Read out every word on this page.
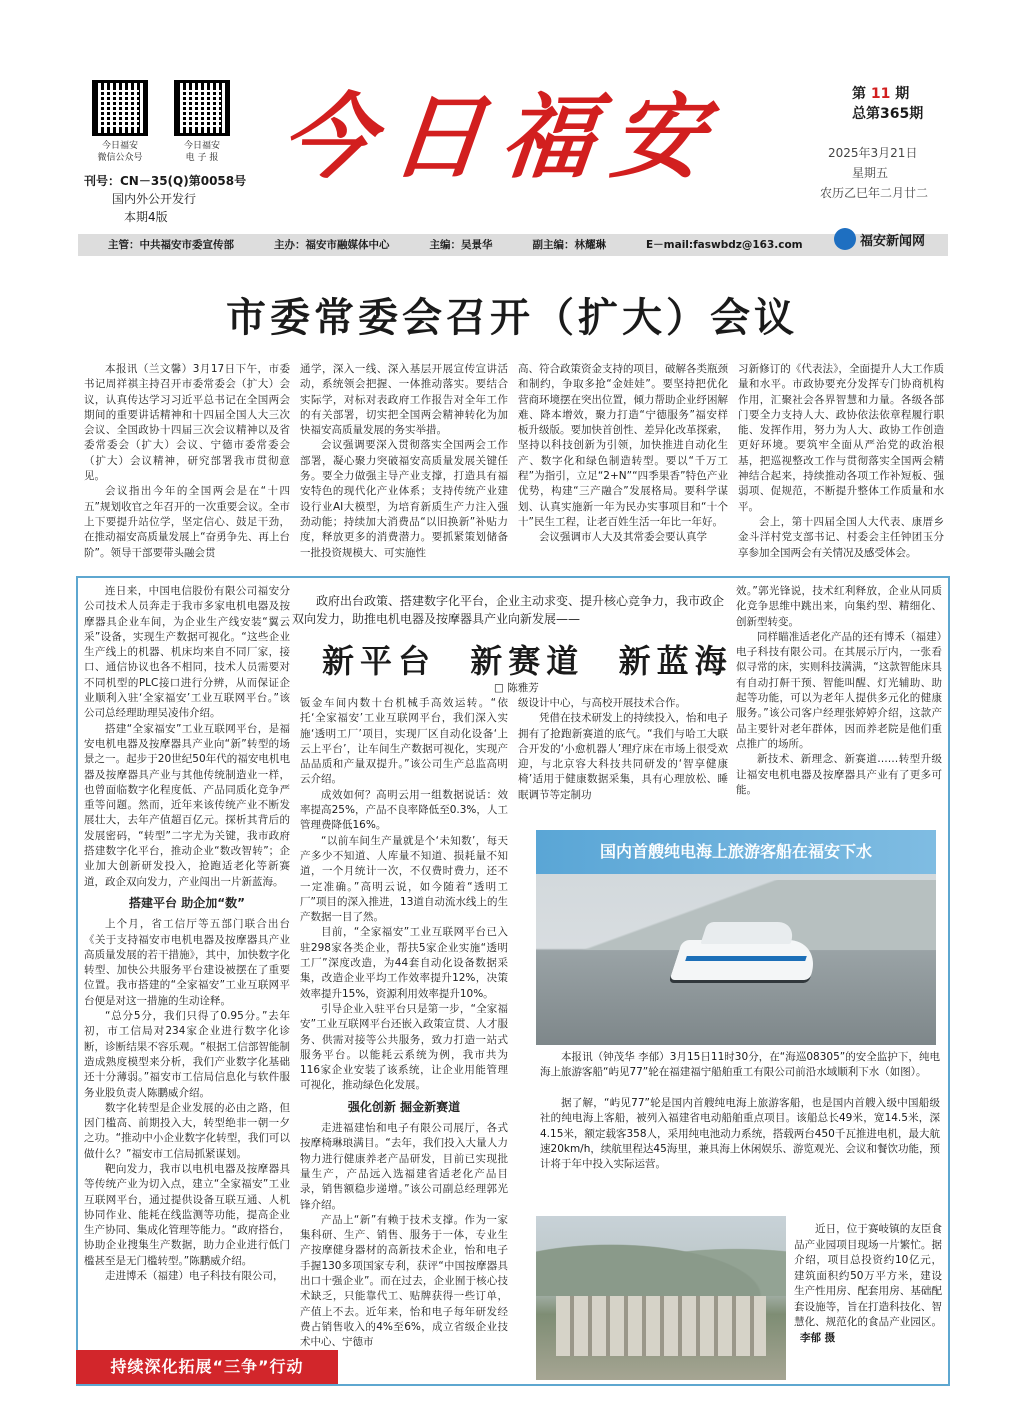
今日福安
微信公众号
今日福安
电 子 报
刊号：CN－35(Q)第0058号
国内外公开发行
本期4版
今日福安	第 11 期
总第365期
2025年3月21日
星期五
农历乙巳年二月廿二
主管：中共福安市委宣传部	主办：福安市融媒体中心	主编：吴景华	副主编：林耀琳	E－mail:faswbdz@163.com	福安新闻网
市委常委会召开（扩大）会议

本报讯（兰文馨）3月17日下午，市委书记周祥祺主持召开市委常委会（扩大）会议，认真传达学习习近平总书记在全国两会期间的重要讲话精神和十四届全国人大三次会议、全国政协十四届三次会议精神以及省委常委会（扩大）会议、宁德市委常委会（扩大）会议精神，研究部署我市贯彻意见。

会议指出今年的全国两会是在“十四五”规划收官之年召开的一次重要会议。全市上下要提升站位学，坚定信心、鼓足干劲，在推动福安高质量发展上“奋勇争先、再上台阶”。领导干部要带头融会贯

通学，深入一线、深入基层开展宣传宣讲活动，系统领会把握、一体推动落实。要结合实际学，对标对表政府工作报告对全年工作的有关部署，切实把全国两会精神转化为加快福安高质量发展的务实举措。

会议强调要深入贯彻落实全国两会工作部署，凝心聚力突破福安高质量发展关键任务。要全力做强主导产业支撑，打造具有福安特色的现代化产业体系；支持传统产业建设行业AI大模型，为培育新质生产力注入强劲动能；持续加大消费品“以旧换新”补贴力度，释放更多的消费潜力。要抓紧策划储备一批投资规模大、可实施性

高、符合政策资金支持的项目，破解各类瓶颈和制约，争取多抢“金娃娃”。要坚持把优化营商环境摆在突出位置，倾力帮助企业纾困解难、降本增效，聚力打造“宁德服务”福安样板升级版。要加快首创性、差异化改革探索，坚持以科技创新为引领，加快推进自动化生产、数字化和绿色制造转型。要以“千万工程”为指引，立足“2+N”“四季果香”特色产业优势，构建“三产融合”发展格局。要科学谋划、认真实施新一年为民办实事项目和“十个十”民生工程，让老百姓生活一年比一年好。

会议强调市人大及其常委会要认真学

习新修订的《代表法》，全面提升人大工作质量和水平。市政协要充分发挥专门协商机构作用，汇聚社会各界智慧和力量。各级各部门要全力支持人大、政协依法依章程履行职能、发挥作用，努力为人大、政协工作创造更好环境。要筑牢全面从严治党的政治根基，把巡视整改工作与贯彻落实全国两会精神结合起来，持续推动各项工作补短板、强弱项、促规范，不断提升整体工作质量和水平。

会上，第十四届全国人大代表、康厝乡金斗洋村党支部书记、村委会主任钟团玉分享参加全国两会有关情况及感受体会。

连日来，中国电信股份有限公司福安分公司技术人员奔走于我市多家电机电器及按摩器具企业车间，为企业生产线安装“翼云采”设备，实现生产数据可视化。“这些企业生产线上的机器、机床均来自不同厂家，接口、通信协议也各不相同，技术人员需要对不同机型的PLC接口进行分辨，从而保证企业顺利入驻‘全家福安’工业互联网平台。”该公司总经理助理吴凌伟介绍。

搭建“全家福安”工业互联网平台，是福安电机电器及按摩器具产业向“新”转型的场景之一。起步于20世纪50年代的福安电机电器及按摩器具产业与其他传统制造业一样，也曾面临数字化程度低、产品同质化竞争严重等问题。然而，近年来该传统产业不断发展壮大，去年产值超百亿元。探析其背后的发展密码，“转型”二字尤为关键，我市政府搭建数字化平台，推动企业“数改智转”；企业加大创新研发投入，抢跑适老化等新赛道，政企双向发力，产业闯出一片新蓝海。

搭建平台 助企加“数”

上个月，省工信厅等五部门联合出台《关于支持福安市电机电器及按摩器具产业高质量发展的若干措施》，其中，加快数字化转型、加快公共服务平台建设被摆在了重要位置。我市搭建的“全家福安”工业互联网平台便是对这一措施的生动诠释。

“总分5分，我们只得了0.95分。”去年初，市工信局对234家企业进行数字化诊断，诊断结果不容乐观。“根据工信部智能制造成熟度模型来分析，我们产业数字化基础还十分薄弱。”福安市工信局信息化与软件服务业股负责人陈鹏威介绍。

数字化转型是企业发展的必由之路，但因门槛高、前期投入大，转型绝非一朝一夕之功。“推动中小企业数字化转型，我们可以做什么？”福安市工信局抓紧谋划。

靶向发力，我市以电机电器及按摩器具等传统产业为切入点，建立“全家福安”工业互联网平台，通过提供设备互联互通、人机协同作业、能耗在线监测等功能，提高企业生产协同、集成化管理等能力。“政府搭台，协助企业搜集生产数据，助力企业进行低门槛甚至是无门槛转型。”陈鹏威介绍。

走进博禾（福建）电子科技有限公司，

政府出台政策、搭建数字化平台，企业主动求变、提升核心竞争力，我市政企双向发力，助推电机电器及按摩器具产业向新发展——
新平台  新赛道  新蓝海
□ 陈雅芳

钣金车间内数十台机械手高效运转。“依托‘全家福安’工业互联网平台，我们深入实施‘透明工厂’项目，实现厂区自动化设备‘上云上平台’，让车间生产数据可视化，实现产品品质和产量双提升。”该公司生产总监高明云介绍。

成效如何？高明云用一组数据说话：效率提高25%，产品不良率降低至0.3%，人工管理费降低16%。

“以前车间生产量就是个‘未知数’，每天产多少不知道、人库量不知道、损耗量不知道，一个月统计一次，不仅费时费力，还不一定准确。”高明云说，如今随着“透明工厂”项目的深入推进，13道自动流水线上的生产数据一目了然。

目前，“全家福安”工业互联网平台已入驻298家各类企业，帮扶5家企业实施“透明工厂”深度改造，为44套自动化设备数据采集，改造企业平均工作效率提升12%，决策效率提升15%，资源利用效率提升10%。

引导企业入驻平台只是第一步，“全家福安”工业互联网平台还嵌入政策宣贯、人才服务、供需对接等公共服务，致力打造一站式服务平台。以能耗云系统为例，我市共为116家企业安装了该系统，让企业用能管理可视化，推动绿色化发展。

强化创新 掘金新赛道

走进福建怡和电子有限公司展厅，各式按摩椅琳琅满目。“去年，我们投入大量人力物力进行健康养老产品研发，目前已实现批量生产，产品远入选福建省适老化产品目录，销售额稳步递增。”该公司副总经理郭光锋介绍。

产品上“新”有赖于技术支撑。作为一家集科研、生产、销售、服务于一体，专业生产按摩健身器材的高新技术企业，怡和电子手握130多项国家专利，获评“中国按摩器具出口十强企业”。而在过去，企业囿于核心技术缺乏，只能靠代工、贴牌获得一些订单，产值上不去。近年来，怡和电子每年研发经费占销售收入的4%至6%，成立省级企业技术中心、宁德市

级设计中心，与高校开展技术合作。

凭借在技术研发上的持续投入，怡和电子拥有了抢跑新赛道的底气。“我们与哈工大联合开发的‘小愈机器人’理疗床在市场上很受欢迎，与北京容大科技共同研发的‘智享健康椅’适用于健康数据采集，具有心理放松、睡眠调节等定制功

效。”郭光锋说，技术红利释放，企业从同质化竞争思维中跳出来，向集约型、精细化、创新型转变。

同样瞄准适老化产品的还有博禾（福建）电子科技有限公司。在其展示厅内，一张看似寻常的床，实则科技满满，“这款智能床具有自动打鼾干预、智能叫醒、灯光辅助、助起等功能，可以为老年人提供多元化的健康服务。”该公司客户经理张婷婷介绍，这款产品主要针对老年群体，因而养老院是他们重点推广的场所。

新技术、新理念、新赛道……转型升级让福安电机电器及按摩器具产业有了更多可能。

国内首艘纯电海上旅游客船在福安下水
本报讯（钟茂华 李郁）3月15日11时30分，在“海巡08305”的安全监护下，纯电海上旅游客船“屿见77”轮在福建福宁船舶重工有限公司前沿水域顺利下水（如图）。
据了解，“屿见77”轮是国内首艘纯电海上旅游客船，也是国内首艘入级中国船级社的纯电海上客船，被列入福建省电动船舶重点项目。该船总长49米，宽14.5米，深4.15米，额定载客358人，采用纯电池动力系统，搭载两台450千瓦推进电机，最大航速20km/h，续航里程达45海里，兼具海上休闲娱乐、游览观光、会议和餐饮功能，预计将于年中投入实际运营。
近日，位于赛岐镇的友臣食品产业园项目现场一片繁忙。据介绍，项目总投资约10亿元，建筑面积约50万平方米，建设生产性用房、配套用房、基础配套设施等，旨在打造科技化、智慧化、规范化的食品产业园区。 李郁 摄
持续深化拓展“三争”行动
